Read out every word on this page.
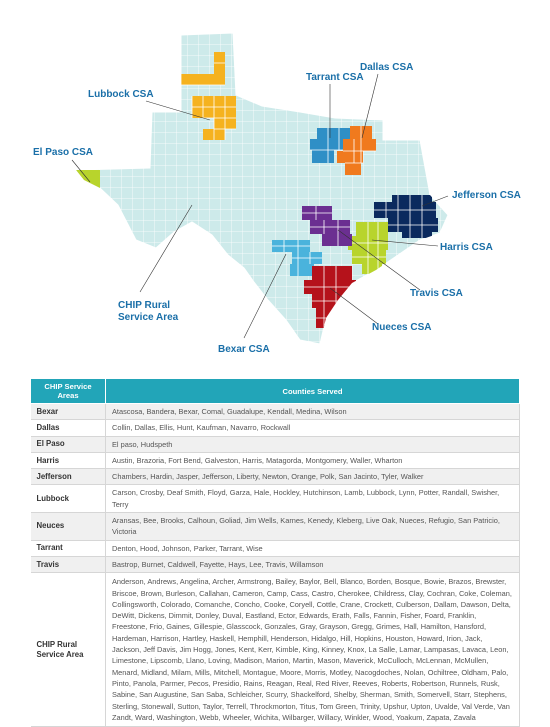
Lubbock CSA
Tarrant CSA
Dallas CSA
El Paso CSA
Jefferson CSA
Harris CSA
Travis CSA
CHIP Rural
Service Area
Bexar CSA
Nueces CSA
CHIP Service
Areas	Counties Served
Bexar	Atascosa, Bandera, Bexar, Comal, Guadalupe, Kendall, Medina, Wilson
Dallas	Collin, Dallas, Ellis, Hunt, Kaufman, Navarro, Rockwall
El Paso	El paso, Hudspeth
Harris	Austin, Brazoria, Fort Bend, Galveston, Harris, Matagorda, Montgomery, Waller, Wharton
Jefferson	Chambers, Hardin, Jasper, Jefferson, Liberty, Newton, Orange, Polk, San Jacinto, Tyler, Walker
Lubbock	Carson, Crosby, Deaf Smith, Floyd, Garza, Hale, Hockley, Hutchinson, Lamb, Lubbock, Lynn, Potter, Randall, Swisher, Terry
Neuces	Aransas, Bee, Brooks, Calhoun, Goliad, Jim Wells, Karnes, Kenedy, Kleberg, Live Oak, Nueces, Refugio, San Patricio, Victoria
Tarrant	Denton, Hood, Johnson, Parker, Tarrant, Wise
Travis	Bastrop, Burnet, Caldwell, Fayette, Hays, Lee, Travis, Willamson
CHIP Rural Service Area	Anderson, Andrews, Angelina, Archer, Armstrong, Bailey, Baylor, Bell, Blanco, Borden, Bosque, Bowie, Brazos, Brewster, Briscoe, Brown, Burleson, Callahan, Cameron, Camp, Cass, Castro, Cherokee, Childress, Clay, Cochran, Coke, Coleman, Collingsworth, Colorado, Comanche, Concho, Cooke, Coryell, Cottle, Crane, Crockett, Culberson, Dallam, Dawson, Delta, DeWitt, Dickens, Dimmit, Donley, Duval, Eastland, Ector, Edwards, Erath, Falls, Fannin, Fisher, Foard, Franklin, Freestone, Frio, Gaines, Gillespie, Glasscock, Gonzales, Gray, Grayson, Gregg, Grimes, Hall, Hamilton, Hansford, Hardeman, Harrison, Hartley, Haskell, Hemphill, Henderson, Hidalgo, Hill, Hopkins, Houston, Howard, Irion, Jack, Jackson, Jeff Davis, Jim Hogg, Jones, Kent, Kerr, Kimble, King, Kinney, Knox, La Salle, Lamar, Lampasas, Lavaca, Leon, Limestone, Lipscomb, Llano, Loving, Madison, Marion, Martin, Mason, Maverick, McCulloch, McLennan, McMullen, Menard, Midland, Milam, Mills, Mitchell, Montague, Moore, Morris, Motley, Nacogdoches, Nolan, Ochiltree, Oldham, Palo, Pinto, Panola, Parmer, Pecos, Presidio, Rains, Reagan, Real, Red River, Reeves, Roberts, Robertson, Runnels, Rusk, Sabine, San Augustine, San Saba, Schleicher, Scurry, Shackelford, Shelby, Sherman, Smith, Somervell, Starr, Stephens, Sterling, Stonewall, Sutton, Taylor, Terrell, Throckmorton, Titus, Tom Green, Trinity, Upshur, Upton, Uvalde, Val Verde, Van Zandt, Ward, Washington, Webb, Wheeler, Wichita, Wilbarger, Willacy, Winkler, Wood, Yoakum, Zapata, Zavala
